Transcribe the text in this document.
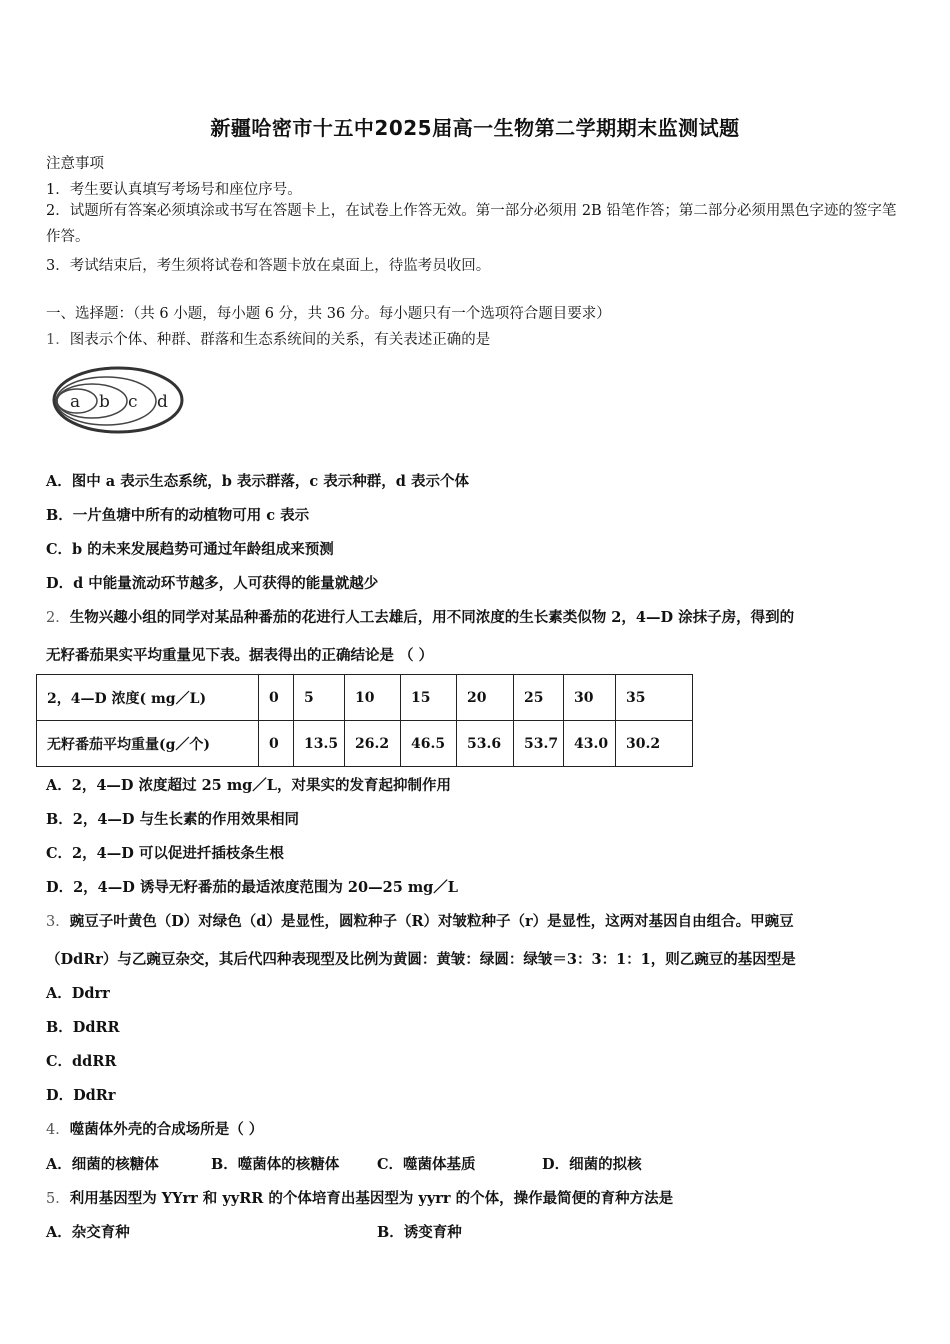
新疆哈密市十五中2025届高一生物第二学期期末监测试题
注意事项
1．考生要认真填写考场号和座位序号。
2．试题所有答案必须填涂或书写在答题卡上，在试卷上作答无效。第一部分必须用 2B 铅笔作答；第二部分必须用黑色字迹的签字笔作答。
3．考试结束后，考生须将试卷和答题卡放在桌面上，待监考员收回。
一、选择题：（共 6 小题，每小题 6 分，共 36 分。每小题只有一个选项符合题目要求）
1．图表示个体、种群、群落和生态系统间的关系，有关表述正确的是
a b c d
A．图中 a 表示生态系统，b 表示群落，c 表示种群，d 表示个体
B．一片鱼塘中所有的动植物可用 c 表示
C．b 的未来发展趋势可通过年龄组成来预测
D．d 中能量流动环节越多，人可获得的能量就越少
2．生物兴趣小组的同学对某品种番茄的花进行人工去雄后，用不同浓度的生长素类似物 2，4—D 涂抹子房，得到的
无籽番茄果实平均重量见下表。据表得出的正确结论是 （ ）
2，4—D 浓度( mg／L)	0	5	10	15	20	25	30	35
无籽番茄平均重量(g／个)	0	13.5	26.2	46.5	53.6	53.7	43.0	30.2
A．2，4—D 浓度超过 25 mg／L，对果实的发育起抑制作用
B．2，4—D 与生长素的作用效果相同
C．2，4—D 可以促进扦插枝条生根
D．2，4—D 诱导无籽番茄的最适浓度范围为 20—25 mg／L
3．豌豆子叶黄色（D）对绿色（d）是显性，圆粒种子（R）对皱粒种子（r）是显性，这两对基因自由组合。甲豌豆
（DdRr）与乙豌豆杂交，其后代四种表现型及比例为黄圆：黄皱：绿圆：绿皱＝3：3：1：1，则乙豌豆的基因型是
A．Ddrr
B．DdRR
C．ddRR
D．DdRr
4．噬菌体外壳的合成场所是（ ）
A．细菌的核糖体	B．噬菌体的核糖体	C．噬菌体基质	D．细菌的拟核
5．利用基因型为 YYrr 和 yyRR 的个体培育出基因型为 yyrr 的个体，操作最简便的育种方法是
A．杂交育种	B．诱变育种
